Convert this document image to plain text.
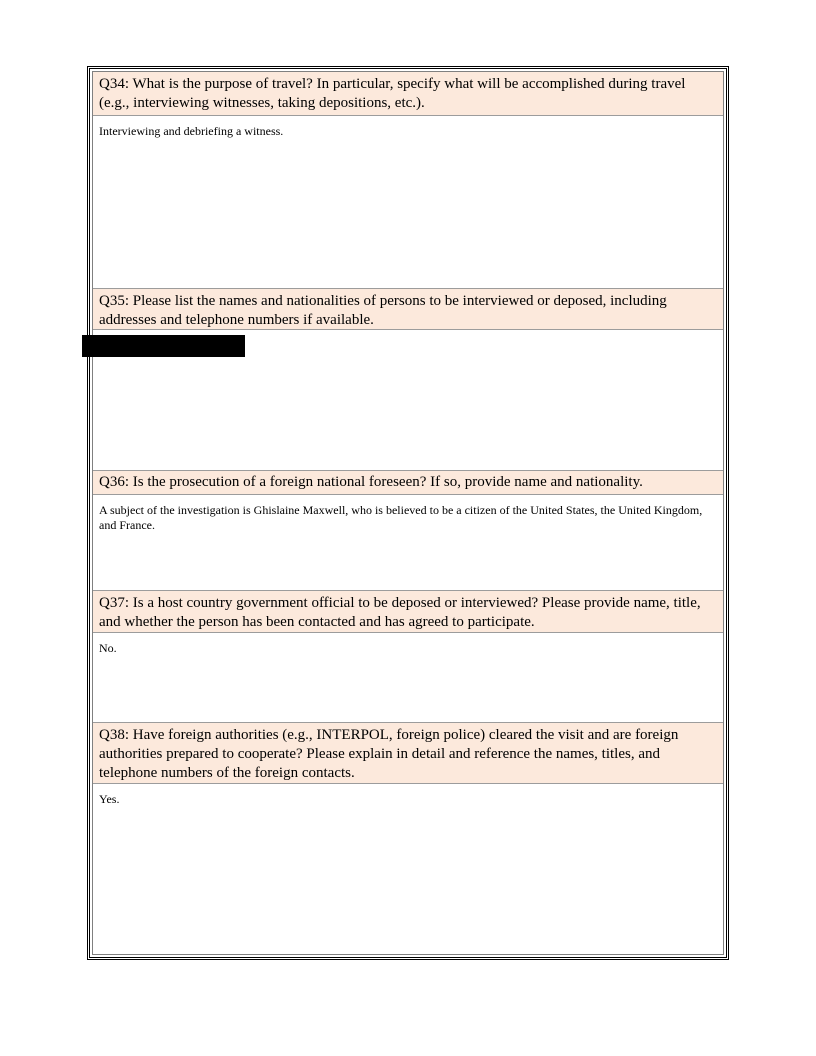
Q34: What is the purpose of travel? In particular, specify what will be accomplished during travel (e.g., interviewing witnesses, taking depositions, etc.).
Interviewing and debriefing a witness.
Q35: Please list the names and nationalities of persons to be interviewed or deposed, including addresses and telephone numbers if available.
Q36: Is the prosecution of a foreign national foreseen? If so, provide name and nationality.
A subject of the investigation is Ghislaine Maxwell, who is believed to be a citizen of the United States, the United Kingdom, and France.
Q37: Is a host country government official to be deposed or interviewed? Please provide name, title, and whether the person has been contacted and has agreed to participate.
No.
Q38: Have foreign authorities (e.g., INTERPOL, foreign police) cleared the visit and are foreign authorities prepared to cooperate? Please explain in detail and reference the names, titles, and telephone numbers of the foreign contacts.
Yes.
